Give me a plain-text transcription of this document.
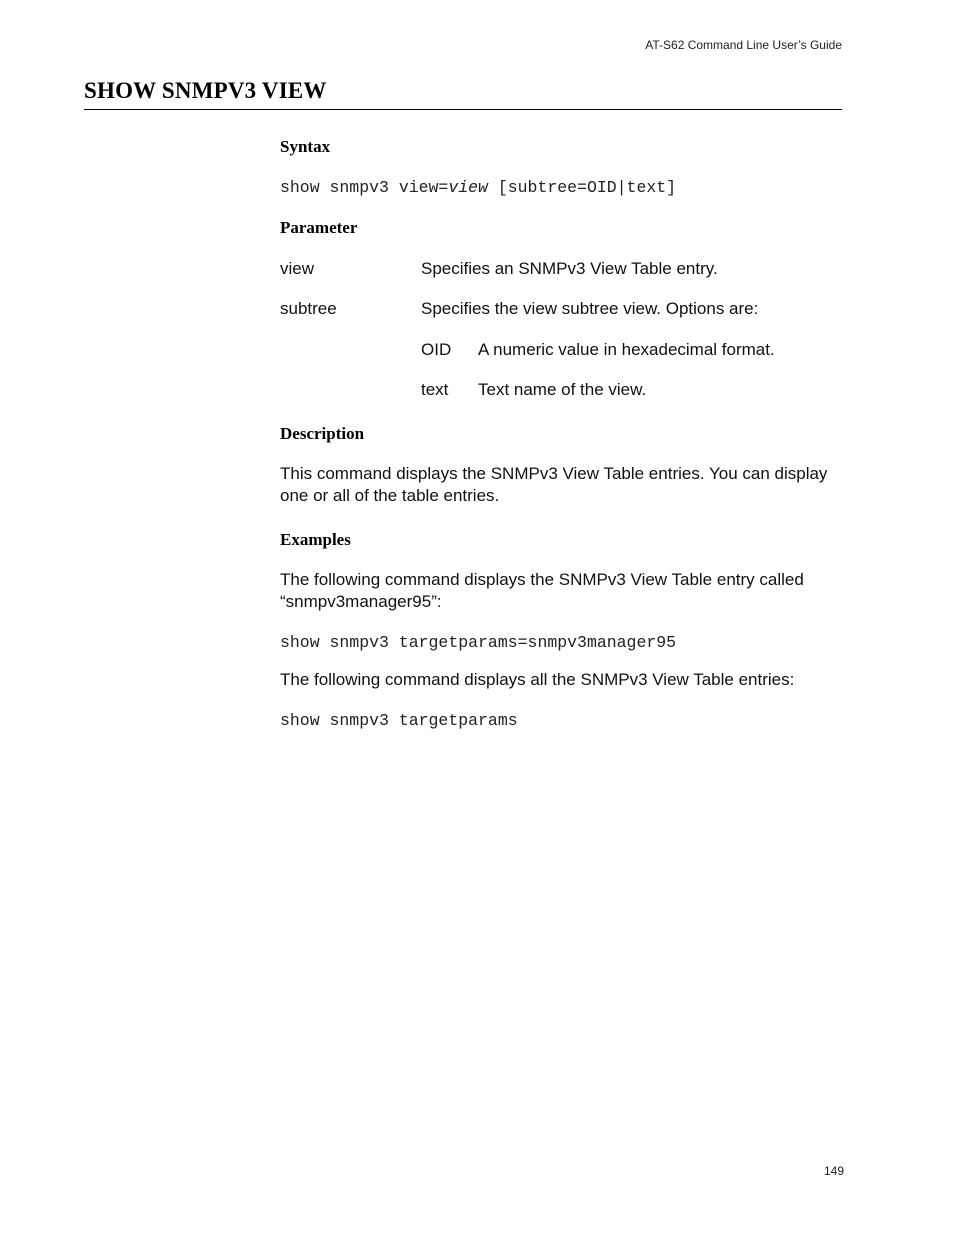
AT-S62 Command Line User’s Guide
SHOW SNMPV3 VIEW
Syntax
show snmpv3 view=view [subtree=OID|text]
Parameter
view	Specifies an SNMPv3 View Table entry.
subtree	Specifies the view subtree view. Options are:
OID	A numeric value in hexadecimal format.
text	Text name of the view.
Description
This command displays the SNMPv3 View Table entries. You can display one or all of the table entries.
Examples
The following command displays the SNMPv3 View Table entry called “snmpv3manager95”:
show snmpv3 targetparams=snmpv3manager95
The following command displays all the SNMPv3 View Table entries:
show snmpv3 targetparams
149
